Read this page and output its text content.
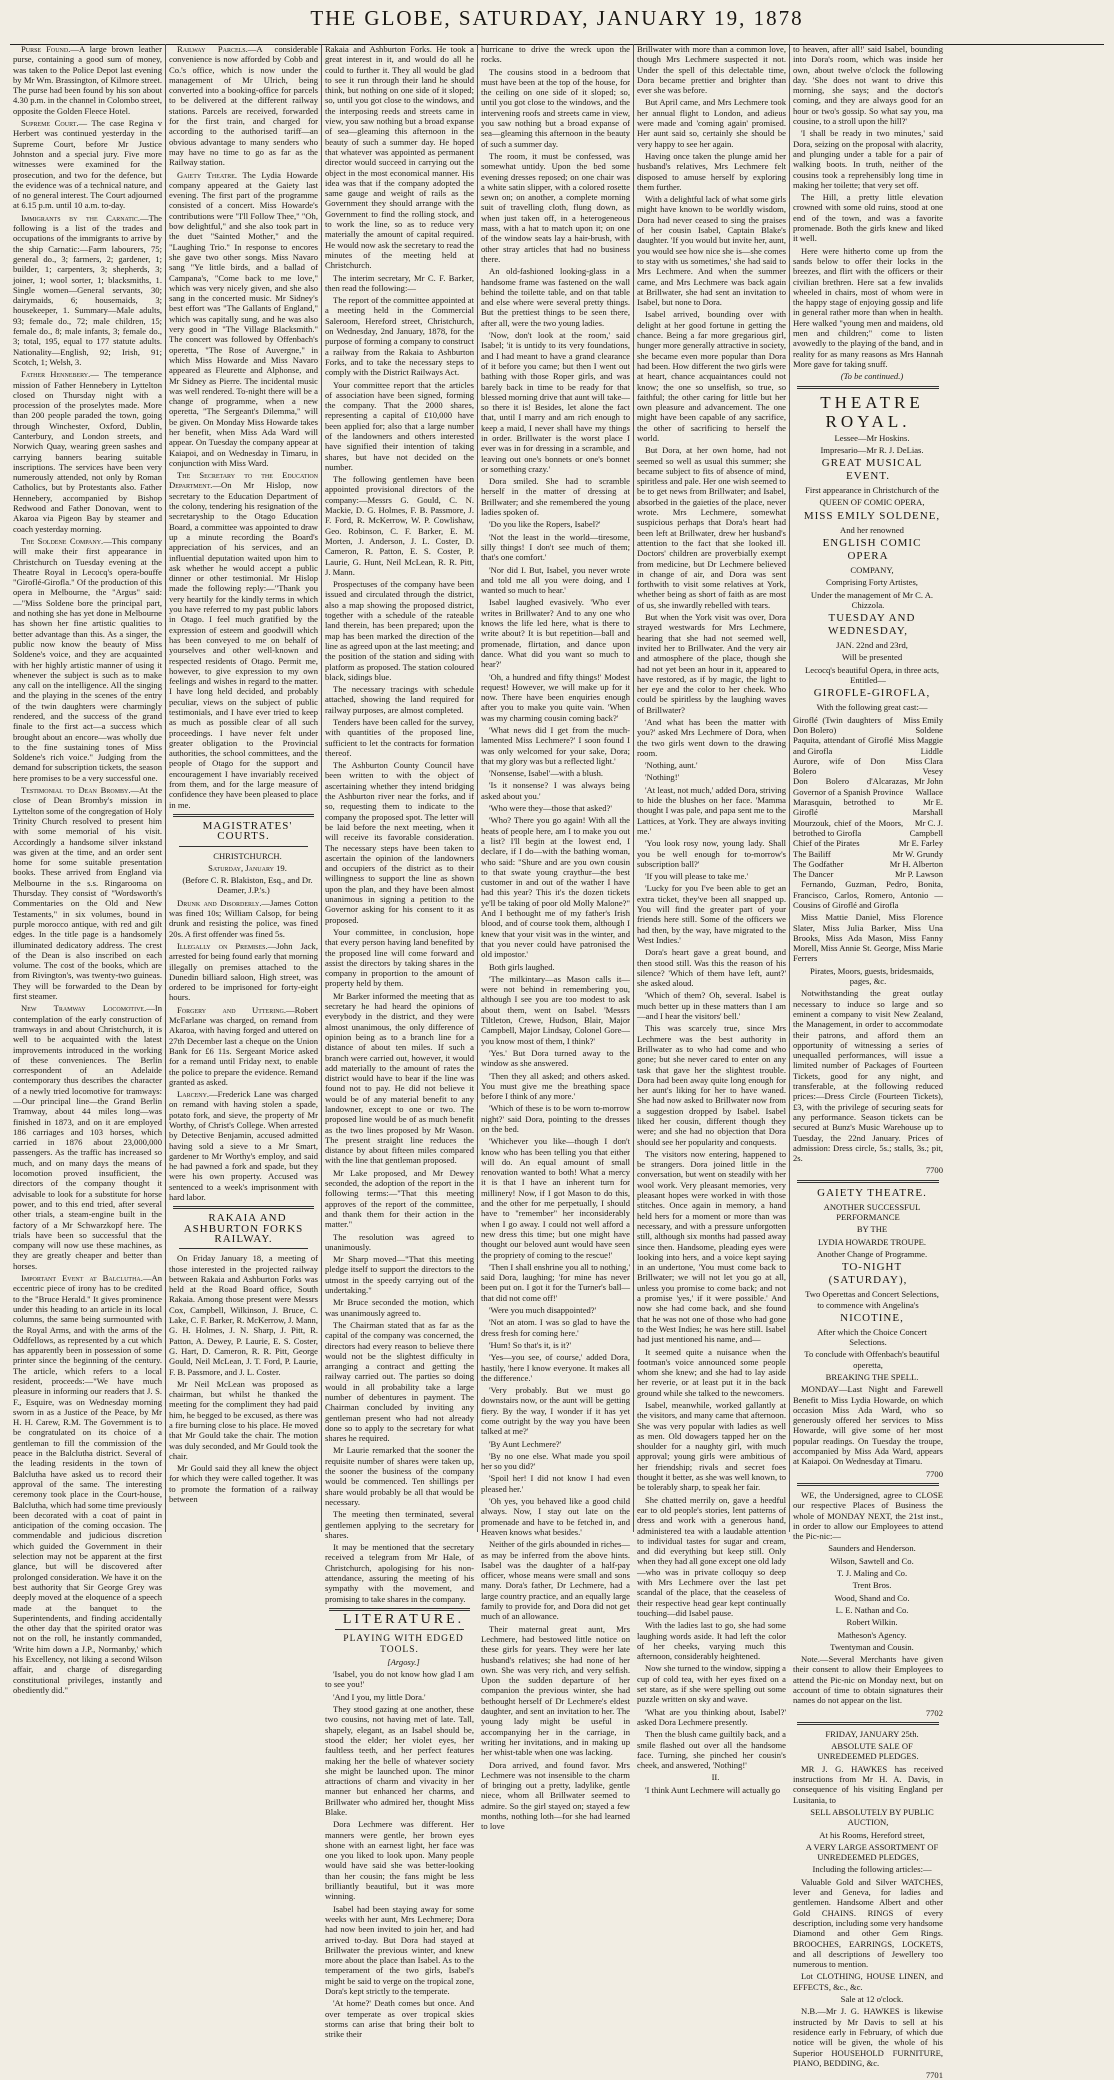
THE GLOBE, SATURDAY, JANUARY 19, 1878

Purse Found.—A large brown leather purse, containing a good sum of money, was taken to the Police Depot last evening by Mr Wm. Brassington, of Kilmore street. The purse had been found by his son about 4.30 p.m. in the channel in Colombo street, opposite the Golden Fleece Hotel.

Supreme Court.— The case Regina v Herbert was continued yesterday in the Supreme Court, before Mr Justice Johnston and a special jury. Five more witnesses were examined for the prosecution, and two for the defence, but the evidence was of a technical nature, and of no general interest. The Court adjourned at 6.15 p.m. until 10 a.m. to-day.

Immigrants by the Carnatic.—The following is a list of the trades and occupations of the immigrants to arrive by the ship Carnatic:—Farm labourers, 75; general do., 3; farmers, 2; gardener, 1; builder, 1; carpenters, 3; shepherds, 3; joiner, 1; wool sorter, 1; blacksmiths, 1. Single women—General servants, 30; dairymaids, 6; housemaids, 3; housekeeper, 1. Summary—Male adults, 93; female do., 72; male children, 15; female do., 8; male infants, 3; female do., 3; total, 195, equal to 177 statute adults. Nationality—English, 92; Irish, 91; Scotch, 1; Welsh, 3.

Father Hennebery.— The temperance mission of Father Hennebery in Lyttelton closed on Thursday night with a procession of the proselytes made. More than 200 people paraded the town, going through Winchester, Oxford, Dublin, Canterbury, and London streets, and Norwich Quay, wearing green sashes and carrying banners bearing suitable inscriptions. The services have been very numerously attended, not only by Roman Catholics, but by Protestants also. Father Hennebery, accompanied by Bishop Redwood and Father Donovan, went to Akaroa via Pigeon Bay by steamer and coach yesterday morning.

The Soldene Company.—This company will make their first appearance in Christchurch on Tuesday evening at the Theatre Royal in Lecocq's opera-bouffe "Giroflé-Girofla." Of the production of this opera in Melbourne, the "Argus" said:—"Miss Soldene bore the principal part, and nothing she has yet done in Melbourne has shown her fine artistic qualities to better advantage than this. As a singer, the public now know the beauty of Miss Soldene's voice, and they are acquainted with her highly artistic manner of using it whenever the subject is such as to make any call on the intelligence. All the singing and the playing in the scenes of the entry of the twin daughters were charmingly rendered, and the success of the grand finale to the first act—a success which brought about an encore—was wholly due to the fine sustaining tones of Miss Soldene's rich voice." Judging from the demand for subscription tickets, the season here promises to be a very successful one.

Testimonial to Dean Bromby.—At the close of Dean Bromby's mission in Lyttelton some of the congregation of Holy Trinity Church resolved to present him with some memorial of his visit. Accordingly a handsome silver inkstand was given at the time, and an order sent home for some suitable presentation books. These arrived from England via Melbourne in the s.s. Ringarooma on Thursday. They consist of "Wordsworth's Commentaries on the Old and New Testaments," in six volumes, bound in purple morocco antique, with red and gilt edges. In the title page is a handsomely illuminated dedicatory address. The crest of the Dean is also inscribed on each volume. The cost of the books, which are from Rivington's, was twenty-two guineas. They will be forwarded to the Dean by first steamer.

New Tramway Locomotive.—In contemplation of the early construction of tramways in and about Christchurch, it is well to be acquainted with the latest improvements introduced in the working of these conveniences. The Berlin correspondent of an Adelaide contemporary thus describes the character of a newly tried locomotive for tramways:—Our principal line—the Grand Berlin Tramway, about 44 miles long—was finished in 1873, and on it are employed 186 carriages and 103 horses, which carried in 1876 about 23,000,000 passengers. As the traffic has increased so much, and on many days the means of locomotion proved insufficient, the directors of the company thought it advisable to look for a substitute for horse power, and to this end tried, after several other trials, a steam-engine built in the factory of a Mr Schwarzkopf here. The trials have been so successful that the company will now use these machines, as they are greatly cheaper and better than horses.

Important Event at Balclutha.—An eccentric piece of irony has to be credited to the "Bruce Herald." It gives prominence under this heading to an article in its local columns, the same being surmounted with the Royal Arms, and with the arms of the Oddfellows, as represented by a cut which has apparently been in possession of some printer since the beginning of the century. The article, which refers to a local resident, proceeds:—"We have much pleasure in informing our readers that J. S. F., Esquire, was on Wednesday morning sworn in as a Justice of the Peace, by Mr H. H. Carew, R.M. The Government is to be congratulated on its choice of a gentleman to fill the commission of the peace in the Balclutha district. Several of the leading residents in the town of Balclutha have asked us to record their approval of the same. The interesting ceremony took place in the Court-house, Balclutha, which had some time previously been decorated with a coat of paint in anticipation of the coming occasion. The commendable and judicious discretion which guided the Government in their selection may not be apparent at the first glance, but will be discovered after prolonged consideration. We have it on the best authority that Sir George Grey was deeply moved at the eloquence of a speech made at the banquet to the Superintendents, and finding accidentally the other day that the spirited orator was not on the roll, he instantly commanded, 'Write him down a J.P., Normanby,' which his Excellency, not liking a second Wilson affair, and charge of disregarding constitutional privileges, instantly and obediently did."

Railway Parcels.—A considerable convenience is now afforded by Cobb and Co.'s office, which is now under the management of Mr Ulrich, being converted into a booking-office for parcels to be delivered at the different railway stations. Parcels are received, forwarded for the first train, and charged for according to the authorised tariff—an obvious advantage to many senders who may have no time to go as far as the Railway station.

Gaiety Theatre. The Lydia Howarde company appeared at the Gaiety last evening. The first part of the programme consisted of a concert. Miss Howarde's contributions were "I'll Follow Thee," "Oh, bow delightful," and she also took part in the duet "Sainted Mother," and the "Laughing Trio." In response to encores she gave two other songs. Miss Navaro sang "Ye little birds, and a ballad of Campana's, "Come back to me love," which was very nicely given, and she also sang in the concerted music. Mr Sidney's best effort was "The Gallants of England," which was capitally sung, and he was also very good in "The Village Blacksmith." The concert was followed by Offenbach's operetta, "The Rose of Auvergne," in which Miss Howarde and Miss Navaro appeared as Fleurette and Alphonse, and Mr Sidney as Pierre. The incidental music was well rendered. To-night there will be a change of programme, when a new operetta, "The Sergeant's Dilemma," will be given. On Monday Miss Howarde takes her benefit, when Miss Ada Ward will appear. On Tuesday the company appear at Kaiapoi, and on Wednesday in Timaru, in conjunction with Miss Ward.

The Secretary to the Education Department.—On Mr Hislop, now secretary to the Education Department of the colony, tendering his resignation of the secretaryship to the Otago Education Board, a committee was appointed to draw up a minute recording the Board's appreciation of his services, and an influential deputation waited upon him to ask whether he would accept a public dinner or other testimonial. Mr Hislop made the following reply:—"Thank you very heartily for the kindly terms in which you have referred to my past public labors in Otago. I feel much gratified by the expression of esteem and goodwill which has been conveyed to me on behalf of yourselves and other well-known and respected residents of Otago. Permit me, however, to give expression to my own feelings and wishes in regard to the matter. I have long held decided, and probably peculiar, views on the subject of public testimonials, and I have ever tried to keep as much as possible clear of all such proceedings. I have never felt under greater obligation to the Provincial authorities, the school committees, and the people of Otago for the support and encouragement I have invariably received from them, and for the large measure of confidence they have been pleased to place in me.

MAGISTRATES' COURTS.

CHRISTCHURCH.

Saturday, January 19.

(Before C. R. Blakiston, Esq., and Dr. Deamer, J.P.'s.)

Drunk and Disorderly.—James Cotton was fined 10s; William Calsop, for being drunk and resisting the police, was fined 20s. A first offender was fined 5s.

Illegally on Premises.—John Jack, arrested for being found early that morning illegally on premises attached to the Dunedin billiard saloon, High street, was ordered to be imprisoned for forty-eight hours.

Forgery and Uttering.—Robert McFarlane was charged, on remand from Akaroa, with having forged and uttered on 27th December last a cheque on the Union Bank for £6 11s. Sergeant Morice asked for a remand until Friday next, to enable the police to prepare the evidence. Remand granted as asked.

Larceny.—Frederick Lane was charged on remand with having stolen a spade, potato fork, and sieve, the property of Mr Worthy, of Christ's College. When arrested by Detective Benjamin, accused admitted having sold a sieve to a Mr Smart, gardener to Mr Worthy's employ, and said he had pawned a fork and spade, but they were his own property. Accused was sentenced to a week's imprisonment with hard labor.

RAKAIA AND ASHBURTON FORKS RAILWAY.

On Friday January 18, a meeting of those interested in the projected railway between Rakaia and Ashburton Forks was held at the Road Board office, South Rakaia. Among those present were Messrs Cox, Campbell, Wilkinson, J. Bruce, C. Lake, C. F. Barker, R. McKerrow, J. Mann, G. H. Holmes, J. N. Sharp, J. Pitt, R. Patton, A. Dewey, P. Laurie, E. S. Coster, G. Hart, D. Cameron, R. R. Pitt, George Gould, Neil McLean, J. T. Ford, P. Laurie, F. B. Passmore, and J. L. Coster.

Mr Neil McLean was proposed as chairman, but whilst he thanked the meeting for the compliment they had paid him, he begged to be excused, as there was a fire burning close to his place. He moved that Mr Gould take the chair. The motion was duly seconded, and Mr Gould took the chair.

Mr Gould said they all knew the object for which they were called together. It was to promote the formation of a railway between

Rakaia and Ashburton Forks. He took a great interest in it, and would do all he could to further it. They all would be glad to see it run through their land he should think, but nothing on one side of it sloped; so, until you got close to the windows, and the interposing reeds and streets came in view, you saw nothing but a broad expanse of sea—gleaming this afternoon in the beauty of such a summer day. He hoped that whatever was appointed as permanent director would succeed in carrying out the object in the most economical manner. His idea was that if the company adopted the same gauge and weight of rails as the Government they should arrange with the Government to find the rolling stock, and to work the line, so as to reduce very materially the amount of capital required. He would now ask the secretary to read the minutes of the meeting held at Christchurch.

The interim secretary, Mr C. F. Barker, then read the following:—

The report of the committee appointed at a meeting held in the Commercial Saleroom, Hereford street, Christchurch, on Wednesday, 2nd January, 1878, for the purpose of forming a company to construct a railway from the Rakaia to Ashburton Forks, and to take the necessary steps to comply with the District Railways Act.

Your committee report that the articles of association have been signed, forming the company. That the 2000 shares, representing a capital of £10,000 have been applied for; also that a large number of the landowners and others interested have signified their intention of taking shares, but have not decided on the number.

The following gentlemen have been appointed provisional directors of the company:—Messrs G. Gould, C. N. Mackie, D. G. Holmes, F. B. Passmore, J. F. Ford, R. McKerrow, W. P. Cowlishaw, Geo. Robinson, C. F. Barker, E. M. Morten, J. Anderson, J. L. Coster, D. Cameron, R. Patton, E. S. Coster, P. Laurie, G. Hunt, Neil McLean, R. R. Pitt, J. Mann.

Prospectuses of the company have been issued and circulated through the district, also a map showing the proposed district, together with a schedule of the rateable land therein, has been prepared; upon the map has been marked the direction of the line as agreed upon at the last meeting; and the position of the station and siding with platform as proposed. The station coloured black, sidings blue.

The necessary tracings with schedule attached, showing the land required for railway purposes, are almost completed.

Tenders have been called for the survey, with quantities of the proposed line, sufficient to let the contracts for formation thereof.

The Ashburton County Council have been written to with the object of ascertaining whether they intend bridging the Ashburton river near the forks, and if so, requesting them to indicate to the company the proposed spot. The letter will be laid before the next meeting, when it will receive its favorable consideration. The necessary steps have been taken to ascertain the opinion of the landowners and occupiers of the district as to their willingness to support the line as shown upon the plan, and they have been almost unanimous in signing a petition to the Governor asking for his consent to it as proposed.

Your committee, in conclusion, hope that every person having land benefited by the proposed line will come forward and assist the directors by taking shares in the company in proportion to the amount of property held by them.

Mr Barker informed the meeting that as secretary he had heard the opinions of everybody in the district, and they were almost unanimous, the only difference of opinion being as to a branch line for a distance of about ten miles. If such a branch were carried out, however, it would add materially to the amount of rates the district would have to bear if the line was found not to pay. He did not believe it would be of any material benefit to any landowner, except to one or two. The proposed line would be of as much benefit as the two lines proposed by Mr Wason. The present straight line reduces the distance by about fifteen miles compared with the line that gentleman proposed.

Mr Lake proposed, and Mr Dewey seconded, the adoption of the report in the following terms:—"That this meeting approves of the report of the committee, and thank them for their action in the matter."

The resolution was agreed to unanimously.

Mr Sharp moved—"That this meeting pledge itself to support the directors to the utmost in the speedy carrying out of the undertaking."

Mr Bruce seconded the motion, which was unanimously agreed to.

The Chairman stated that as far as the capital of the company was concerned, the directors had every reason to believe there would not be the slightest difficulty in arranging a contract and getting the railway carried out. The parties so doing would in all probability take a large number of debentures in payment. The Chairman concluded by inviting any gentleman present who had not already done so to apply to the secretary for what shares he required.

Mr Laurie remarked that the sooner the requisite number of shares were taken up, the sooner the business of the company would be commenced. Ten shillings per share would probably be all that would be necessary.

The meeting then terminated, several gentlemen applying to the secretary for shares.

It may be mentioned that the secretary received a telegram from Mr Hale, of Christchurch, apologising for his non-attendance, assuring the meeting of his sympathy with the movement, and promising to take shares in the company.

LITERATURE.

PLAYING WITH EDGED TOOLS.

[Argosy.]

'Isabel, you do not know how glad I am to see you!'

'And I you, my little Dora.'

They stood gazing at one another, these two cousins, not having met of late. Tall, shapely, elegant, as an Isabel should be, stood the elder; her violet eyes, her faultless teeth, and her perfect features making her the belle of whatever society she might be launched upon. The minor attractions of charm and vivacity in her manner but enhanced her charms, and Brillwater who admired her, thought Miss Blake.

Dora Lechmere was different. Her manners were gentle, her brown eyes shone with an earnest light, her face was one you liked to look upon. Many people would have said she was better-looking than her cousin; the fans might be less brilliantly beautiful, but it was more winning.

Isabel had been staying away for some weeks with her aunt, Mrs Lechmere; Dora had now been invited to join her, and had arrived to-day. But Dora had stayed at Brillwater the previous winter, and knew more about the place than Isabel. As to the temperament of the two girls, Isabel's might be said to verge on the tropical zone, Dora's kept strictly to the temperate.

'At home?' Death comes but once. And over temperate as over tropical skies storms can arise that bring their bolt to strike their

hurricane to drive the wreck upon the rocks.

The cousins stood in a bedroom that must have been at the top of the house, for the ceiling on one side of it sloped; so, until you got close to the windows, and the intervening roofs and streets came in view, you saw nothing but a broad expanse of sea—gleaming this afternoon in the beauty of such a summer day.

The room, it must be confessed, was somewhat untidy. Upon the bed some evening dresses reposed; on one chair was a white satin slipper, with a colored rosette sewn on; on another, a complete morning suit of travelling cloth, flung down, as when just taken off, in a heterogeneous mass, with a hat to match upon it; on one of the window seats lay a hair-brush, with other stray articles that had no business there.

An old-fashioned looking-glass in a handsome frame was fastened on the wall behind the toilette table, and on that table and else where were several pretty things. But the prettiest things to be seen there, after all, were the two young ladies.

'Now, don't look at the room,' said Isabel; 'it is untidy to its very foundations, and I had meant to have a grand clearance of it before you came; but then I went out bathing with those Roper girls, and was barely back in time to be ready for that blessed morning drive that aunt will take—so there it is! Besides, let alone the fact that, until I marry and am rich enough to keep a maid, I never shall have my things in order. Brillwater is the worst place I ever was in for dressing in a scramble, and leaving out one's bonnets or one's bonnet or something crazy.'

Dora smiled. She had to scramble herself in the matter of dressing at Brillwater; and she remembered the young ladies spoken of.

'Do you like the Ropers, Isabel?'

'Not the least in the world—tiresome, silly things! I don't see much of them; that's one comfort.'

'Nor did I. But, Isabel, you never wrote and told me all you were doing, and I wanted so much to hear.'

Isabel laughed evasively. 'Who ever writes in Brillwater? And to any one who knows the life led here, what is there to write about? It is but repetition—ball and promenade, flirtation, and dance upon dance. What did you want so much to hear?'

'Oh, a hundred and fifty things!' Modest request! However, we will make up for it now. There have been enquiries enough after you to make you quite vain. 'When was my charming cousin coming back?'

'What news did I get from the much-lamented Miss Lechmere?' I soon found I was only welcomed for your sake, Dora; that my glory was but a reflected light.'

'Nonsense, Isabel'—with a blush.

'Is it nonsense? I was always being asked about you.'

'Who were they—those that asked?'

'Who? There you go again! With all the heats of people here, am I to make you out a list? I'll begin at the lowest end, I declare, if I do—with the bathing woman, who said: "Shure and are you own cousin to that swate young craythur—the best customer in and out of the wather I have had this year? This it's the dozen tickets ye'll be taking of poor old Molly Malone?" And I bethought me of my father's Irish blood, and of course took them, although I knew that your visit was in the winter, and that you never could have patronised the old impostor.'

Both girls laughed.

'The milkintary—as Mason calls it—were not behind in remembering you, although I see you are too modest to ask about them, went on Isabel. 'Messrs Tiltleton, Crewe, Hudson, Blair, Major Campbell, Major Lindsay, Colonel Gore—you know most of them, I think?'

'Yes.' But Dora turned away to the window as she answered.

'Then they all asked; and others asked. You must give me the breathing space before I think of any more.'

'Which of these is to be worn to-morrow night?' said Dora, pointing to the dresses on the bed.

'Whichever you like—though I don't know who has been telling you that either will do. An equal amount of small renovation wanted to both! What a mercy it is that I have an inherent turn for millinery! Now, if I got Mason to do this, and the other for me perpetually, I should have to "remember" her inconsiderably when I go away. I could not well afford a new dress this time; but one might have thought our beloved aunt would have seen the propriety of coming to the rescue!'

'Then I shall enshrine you all to nothing,' said Dora, laughing; 'for mine has never been put on. I got it for the Turner's ball—that did not come off!'

'Were you much disappointed?'

'Not an atom. I was so glad to have the dress fresh for coming here.'

'Hum! So that's it, is it?'

'Yes—you see, of course,' added Dora, hastily, 'here I know everyone. It makes all the difference.'

'Very probably. But we must go downstairs now, or the aunt will be getting fiery. By the way, I wonder if it has yet come outright by the way you have been talked at me?'

'By Aunt Lechmere?'

'By no one else. What made you spoil her so you did?'

'Spoil her! I did not know I had even pleased her.'

'Oh yes, you behaved like a good child always. Now, I stay out late on the promenade and have to be fetched in, and Heaven knows what besides.'

Neither of the girls abounded in riches—as may be inferred from the above hints. Isabel was the daughter of a half-pay officer, whose means were small and sons many. Dora's father, Dr Lechmere, had a large country practice, and an equally large family to provide for, and Dora did not get much of an allowance.

Their maternal great aunt, Mrs Lechmere, had bestowed little notice on these girls for years. They were her late husband's relatives; she had none of her own. She was very rich, and very selfish. Upon the sudden departure of her companion the previous winter, she had bethought herself of Dr Lechmere's eldest daughter, and sent an invitation to her. The young lady might be useful in accompanying her in the carriage, in writing her invitations, and in making up her whist-table when one was lacking.

Dora arrived, and found favor. Mrs Lechmere was not insensible to the charm of bringing out a pretty, ladylike, gentle niece, whom all Brillwater seemed to admire. So the girl stayed on; stayed a few months, nothing loth—for she had learned to love

Brillwater with more than a common love, though Mrs Lechmere suspected it not. Under the spell of this delectable time, Dora became prettier and brighter than ever she was before.

But April came, and Mrs Lechmere took her annual flight to London, and adieus were made and 'coming again' promised. Her aunt said so, certainly she should be very happy to see her again.

Having once taken the plunge amid her husband's relatives, Mrs Lechmere felt disposed to amuse herself by exploring them further.

With a delightful lack of what some girls might have known to be worldly wisdom, Dora had never ceased to sing the praises of her cousin Isabel, Captain Blake's daughter. 'If you would but invite her, aunt, you would see how nice she is—she comes to stay with us sometimes,' she had said to Mrs Lechmere. And when the summer came, and Mrs Lechmere was back again at Brillwater, she had sent an invitation to Isabel, but none to Dora.

Isabel arrived, bounding over with delight at her good fortune in getting the chance. Being a far more gregarious girl, hunger more generally attractive in society, she became even more popular than Dora had been. How different the two girls were at heart, chance acquaintances could not know; the one so unselfish, so true, so faithful; the other caring for little but her own pleasure and advancement. The one might have been capable of any sacrifice, the other of sacrificing to herself the world.

But Dora, at her own home, had not seemed so well as usual this summer; she became subject to fits of absence of mind, spiritless and pale. Her one wish seemed to be to get news from Brillwater; and Isabel, absorbed in the gaieties of the place, never wrote. Mrs Lechmere, somewhat suspicious perhaps that Dora's heart had been left at Brillwater, drew her husband's attention to the fact that she looked ill. Doctors' children are proverbially exempt from medicine, but Dr Lechmere believed in change of air, and Dora was sent forthwith to visit some relatives at York, whether being as short of faith as are most of us, she inwardly rebelled with tears.

But when the York visit was over, Dora strayed westwards for Mrs Lechmere, hearing that she had not seemed well, invited her to Brillwater. And the very air and atmosphere of the place, though she had not yet been an hour in it, appeared to have restored, as if by magic, the light to her eye and the color to her cheek. Who could be spiritless by the laughing waves of Brillwater?

'And what has been the matter with you?' asked Mrs Lechmere of Dora, when the two girls went down to the drawing room.

'Nothing, aunt.'

'Nothing!'

'At least, not much,' added Dora, striving to hide the blushes on her face. 'Mamma thought I was pale, and papa sent me to the Lattices, at York. They are always inviting me.'

'You look rosy now, young lady. Shall you be well enough for to-morrow's subscription ball?'

'If you will please to take me.'

'Lucky for you I've been able to get an extra ticket, they've been all snapped up. You will find the greater part of your friends here still. Some of the officers we had then, by the way, have migrated to the West Indies.'

Dora's heart gave a great bound, and then stood still. Was this the reason of his silence? 'Which of them have left, aunt?' she asked aloud.

'Which of them? Oh, several. Isabel is much better up in these matters than I am—and I hear the visitors' bell.'

This was scarcely true, since Mrs Lechmere was the best authority in Brillwater as to who had come and who gone; but she never cared to enter on any task that gave her the slightest trouble. Dora had been away quite long enough for her aunt's liking for her to have waned. She had now asked to Brillwater now from a suggestion dropped by Isabel. Isabel liked her cousin, different though they were; and she had no objection that Dora should see her popularity and conquests.

The visitors now entering, happened to be strangers. Dora joined little in the conversation, but went on steadily with her wool work. Very pleasant memories, very pleasant hopes were worked in with those stitches. Once again in memory, a hand held hers for a moment or more than was necessary, and with a pressure unforgotten still, although six months had passed away since then. Handsome, pleading eyes were looking into hers, and a voice kept saying in an undertone, 'You must come back to Brillwater; we will not let you go at all, unless you promise to come back; and not a promise 'yes,' if it were possible.' And now she had come back, and she found that he was not one of those who had gone to the West Indies; he was here still. Isabel had just mentioned his name, and—

It seemed quite a nuisance when the footman's voice announced some people whom she knew; and she had to lay aside her reverie, or at least put it in the back ground while she talked to the newcomers.

Isabel, meanwhile, worked gallantly at the visitors, and many came that afternoon. She was very popular with ladies as well as men. Old dowagers tapped her on the shoulder for a naughty girl, with much approval; young girls were ambitious of her friendship; rivals and secret foes thought it better, as she was well known, to be tolerably sharp, to speak her fair.

She chatted merrily on, gave a heedful ear to old people's stories, lent patterns of dress and work with a generous hand, administered tea with a laudable attention to individual tastes for sugar and cream, and did everything but keep still. Only when they had all gone except one old lady—who was in private colloquy so deep with Mrs Lechmere over the last pet scandal of the place, that the ceaseless of their respective head gear kept continually touching—did Isabel pause.

With the ladies last to go, she had some laughing words aside. It had left the color of her cheeks, varying much this afternoon, considerably heightened.

Now she turned to the window, sipping a cup of cold tea, with her eyes fixed on a set stare, as if she were spelling out some puzzle written on sky and wave.

'What are you thinking about, Isabel?' asked Dora Lechmere presently.

Then the blush came guiltily back, and a smile flashed out over all the handsome face. Turning, she pinched her cousin's cheek, and answered, 'Nothing!'

II.

'I think Aunt Lechmere will actually go

to heaven, after all!' said Isabel, bounding into Dora's room, which was inside her own, about twelve o'clock the following day. 'She does not want to drive this morning, she says; and the doctor's coming, and they are always good for an hour or two's gossip. So what say you, ma cousine, to a stroll upon the hill?'

'I shall be ready in two minutes,' said Dora, seizing on the proposal with alacrity, and plunging under a table for a pair of walking boots. In truth, neither of the cousins took a reprehensibly long time in making her toilette; that very set off.

The Hill, a pretty little elevation crowned with some old ruins, stood at one end of the town, and was a favorite promenade. Both the girls knew and liked it well.

Here were hitherto come up from the sands below to offer their locks in the breezes, and flirt with the officers or their civilian brethren. Here sat a few invalids wheeled in chairs, most of whom were in the happy stage of enjoying gossip and life in general rather more than when in health. Here walked "young men and maidens, old men and children;" come to listen avowedly to the playing of the band, and in reality for as many reasons as Mrs Hannah More gave for taking snuff.

(To be continued.)

THEATRE ROYAL.

Lessee—Mr Hoskins.

Impresario—Mr R. J. DeLias.

GREAT MUSICAL EVENT.

First appearance in Christchurch of the

QUEEN OF COMIC OPERA,

MISS EMILY SOLDENE,

And her renowned

ENGLISH COMIC OPERA

COMPANY,

Comprising Forty Artistes,

Under the management of Mr C. A. Chizzola.

TUESDAY AND WEDNESDAY,

JAN. 22nd and 23rd,

Will be presented

Lecocq's beautiful Opera, in three acts, Entitled—

GIROFLE-GIROFLA,

With the following great cast:—

Giroflé (Twin daughters of Don Bolero)
Miss Emily Soldene
Paquita, attendant of Giroflé and Girofla
Miss Maggie Liddle
Aurore, wife of Don Bolero
Miss Clara Vesey
Don Bolero d'Alcarazas, Governor of a Spanish Province
Mr John Wallace
Marasquin, betrothed to Giroflé
Mr E. Marshall
Mourzouk, chief of the Moors, betrothed to Girofla
Mr C. J. Campbell
Chief of the Pirates	Mr E. Farley
The Bailiff	Mr W. Grundy
The Godfather	Mr H. Alberton
The Dancer	Mr P. Lawson

Fernando, Guzman, Pedro, Bonita, Francisco, Carlos, Romero, Antonio — Cousins of Giroflé and Girofla

Miss Mattie Daniel, Miss Florence Slater, Miss Julia Barker, Miss Una Brooks, Miss Ada Mason, Miss Fanny Morell, Miss Annie St. George, Miss Marie Ferrers

Pirates, Moors, guests, bridesmaids, pages, &c.

Notwithstanding the great outlay necessary to induce so large and so eminent a company to visit New Zealand, the Management, in order to accommodate their patrons, and afford them an opportunity of witnessing a series of unequalled performances, will issue a limited number of Packages of Fourteen Tickets, good for any night, and transferable, at the following reduced prices:—Dress Circle (Fourteen Tickets), £3, with the privilege of securing seats for any performance. Season tickets can be secured at Bunz's Music Warehouse up to Tuesday, the 22nd January. Prices of admission: Dress circle, 5s.; stalls, 3s.; pit, 2s.

7700

GAIETY THEATRE.

ANOTHER SUCCESSFUL PERFORMANCE

BY THE

LYDIA HOWARDE TROUPE.

Another Change of Programme.

TO-NIGHT (SATURDAY),

Two Operettas and Concert Selections, to commence with Angelina's

NICOTINE,

After which the Choice Concert Selections.

To conclude with Offenbach's beautiful operetta,

BREAKING THE SPELL.

MONDAY—Last Night and Farewell Benefit to Miss Lydia Howarde, on which occasion Miss Ada Ward, who so generously offered her services to Miss Howarde, will give some of her most popular readings. On Tuesday the troupe, accompanied by Miss Ada Ward, appears at Kaiapoi. On Wednesday at Timaru.

7700

WE, the Undersigned, agree to CLOSE our respective Places of Business the whole of MONDAY NEXT, the 21st inst., in order to allow our Employees to attend the Pic-nic:—

Saunders and Henderson.

Wilson, Sawtell and Co.

T. J. Maling and Co.

Trent Bros.

Wood, Shand and Co.

L. E. Nathan and Co.

Robert Wilkin.

Matheson's Agency.

Twentyman and Cousin.

Note.—Several Merchants have given their consent to allow their Employees to attend the Pic-nic on Monday next, but on account of time to obtain signatures their names do not appear on the list.

7702

FRIDAY, JANUARY 25th.

ABSOLUTE SALE OF UNREDEEMED PLEDGES.

MR J. G. HAWKES has received instructions from Mr H. A. Davis, in consequence of his visiting England per Lusitania, to

SELL ABSOLUTELY BY PUBLIC AUCTION,

At his Rooms, Hereford street,

A VERY LARGE ASSORTMENT OF UNREDEEMED PLEDGES,

Including the following articles:—

Valuable Gold and Silver WATCHES, lever and Geneva, for ladies and gentlemen. Handsome Albert and other Gold CHAINS. RINGS of every description, including some very handsome Diamond and other Gem Rings. BROOCHES, EARRINGS, LOCKETS, and all descriptions of Jewellery too numerous to mention.

Lot CLOTHING, HOUSE LINEN, and EFFECTS, &c., &c.

Sale at 12 o'clock.

N.B.—Mr J. G. HAWKES is likewise instructed by Mr Davis to sell at his residence early in February, of which due notice will be given, the whole of his Superior HOUSEHOLD FURNITURE, PIANO, BEDDING, &c.

7701
